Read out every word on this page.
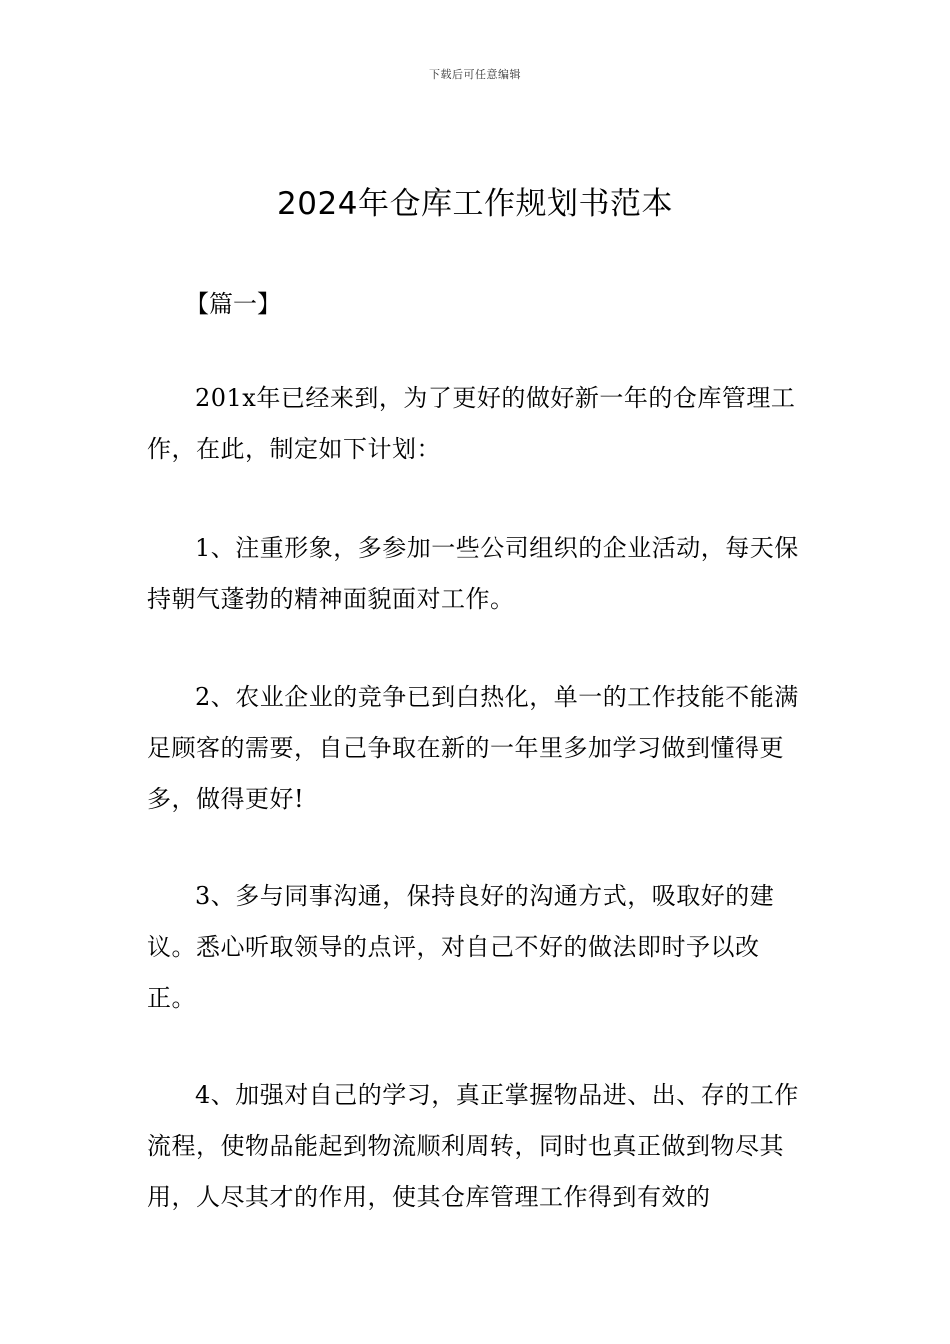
下载后可任意编辑
2024年仓库工作规划书范本
【篇一】

201x年已经来到，为了更好的做好新一年的仓库管理工作，在此，制定如下计划：

1、注重形象，多参加一些公司组织的企业活动，每天保持朝气蓬勃的精神面貌面对工作。

2、农业企业的竞争已到白热化，单一的工作技能不能满足顾客的需要，自己争取在新的一年里多加学习做到懂得更多，做得更好!

3、多与同事沟通，保持良好的沟通方式，吸取好的建议。悉心听取领导的点评，对自己不好的做法即时予以改正。

4、加强对自己的学习，真正掌握物品进、出、存的工作流程，使物品能起到物流顺利周转，同时也真正做到物尽其用，人尽其才的作用，使其仓库管理工作得到有效的
